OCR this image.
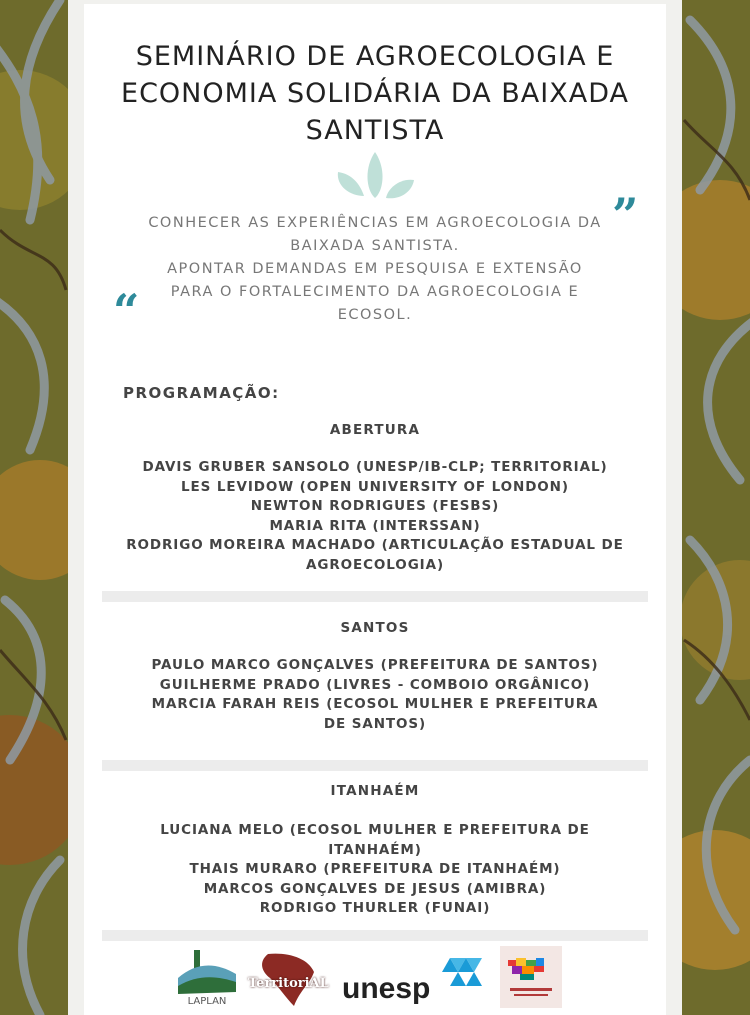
SEMINÁRIO DE AGROECOLOGIA E
ECONOMIA SOLIDÁRIA DA BAIXADA
SANTISTA
”
“
CONHECER AS EXPERIÊNCIAS EM AGROECOLOGIA DA
BAIXADA SANTISTA.
APONTAR DEMANDAS EM PESQUISA E EXTENSÃO
PARA O FORTALECIMENTO DA AGROECOLOGIA E
ECOSOL.
PROGRAMAÇÃO:
ABERTURA
DAVIS GRUBER SANSOLO (UNESP/IB-CLP; TERRITORIAL)
LES LEVIDOW (OPEN UNIVERSITY OF LONDON)
NEWTON RODRIGUES (FESBS)
MARIA RITA (INTERSSAN)
RODRIGO MOREIRA MACHADO (ARTICULAÇÃO ESTADUAL DE
AGROECOLOGIA)
SANTOS
PAULO MARCO GONÇALVES (PREFEITURA DE SANTOS)
GUILHERME PRADO (LIVRES - COMBOIO ORGÂNICO)
MARCIA FARAH REIS (ECOSOL MULHER E PREFEITURA
DE SANTOS)
ITANHAÉM
LUCIANA MELO (ECOSOL MULHER E PREFEITURA DE
ITANHAÉM)
THAIS MURARO (PREFEITURA DE ITANHAÉM)
MARCOS GONÇALVES DE JESUS (AMIBRA)
RODRIGO THURLER (FUNAI)
LAPLAN
TerritoriAL unesp
